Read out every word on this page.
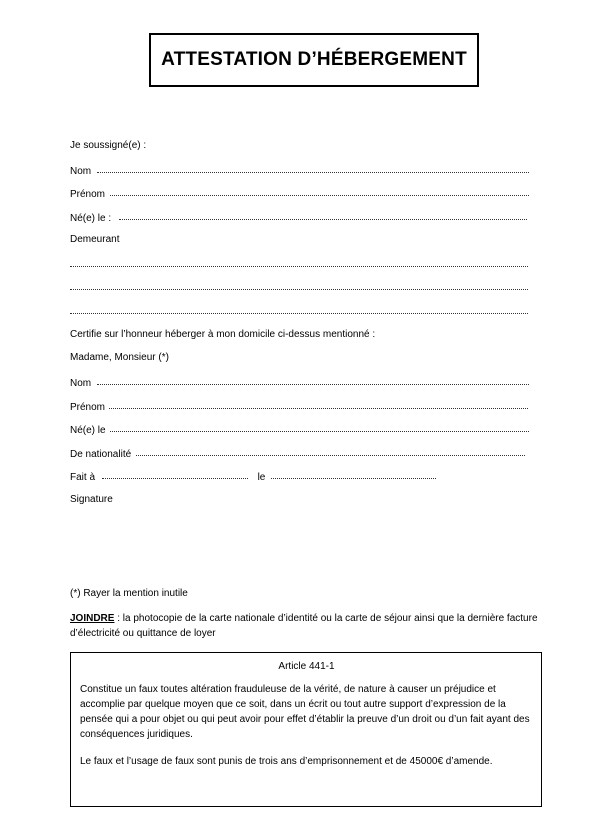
ATTESTATION D’HÉBERGEMENT
Je soussigné(e) :
Nom
Prénom
Né(e) le :
Demeurant
Certifie sur l’honneur héberger à mon domicile ci-dessus mentionné :
Madame, Monsieur (*)
Nom
Prénom
Né(e) le
De nationalité
Fait à	le
Signature
(*) Rayer la mention inutile
JOINDRE : la photocopie de la carte nationale d’identité ou la carte de séjour ainsi que la dernière facture d’électricité ou quittance de loyer
Article 441-1

Constitue un faux toutes altération frauduleuse de la vérité, de nature à causer un préjudice et accomplie par quelque moyen que ce soit, dans un écrit ou tout autre support d’expression de la pensée qui a pour objet ou qui peut avoir pour effet d’établir la preuve d’un droit ou d’un fait ayant des conséquences juridiques.

Le faux et l’usage de faux sont punis de trois ans d’emprisonnement et de 45000€ d’amende.
